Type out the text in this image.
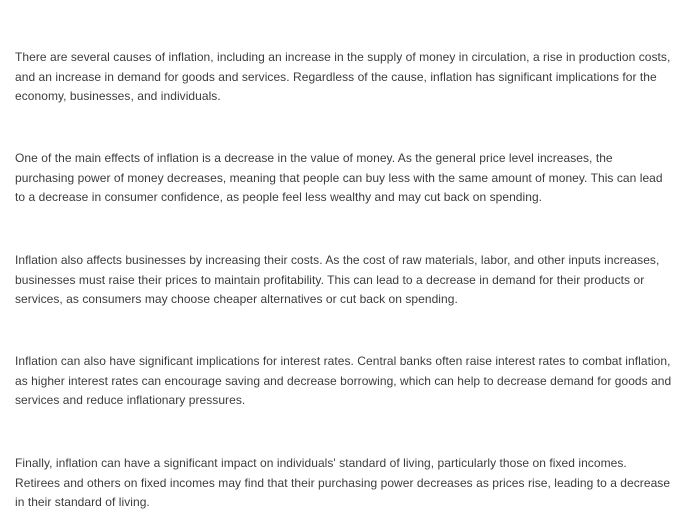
There are several causes of inflation, including an increase in the supply of money in circulation, a rise in production costs, and an increase in demand for goods and services. Regardless of the cause, inflation has significant implications for the economy, businesses, and individuals.

One of the main effects of inflation is a decrease in the value of money. As the general price level increases, the purchasing power of money decreases, meaning that people can buy less with the same amount of money. This can lead to a decrease in consumer confidence, as people feel less wealthy and may cut back on spending.

Inflation also affects businesses by increasing their costs. As the cost of raw materials, labor, and other inputs increases, businesses must raise their prices to maintain profitability. This can lead to a decrease in demand for their products or services, as consumers may choose cheaper alternatives or cut back on spending.

Inflation can also have significant implications for interest rates. Central banks often raise interest rates to combat inflation, as higher interest rates can encourage saving and decrease borrowing, which can help to decrease demand for goods and services and reduce inflationary pressures.

Finally, inflation can have a significant impact on individuals' standard of living, particularly those on fixed incomes. Retirees and others on fixed incomes may find that their purchasing power decreases as prices rise, leading to a decrease in their standard of living.
